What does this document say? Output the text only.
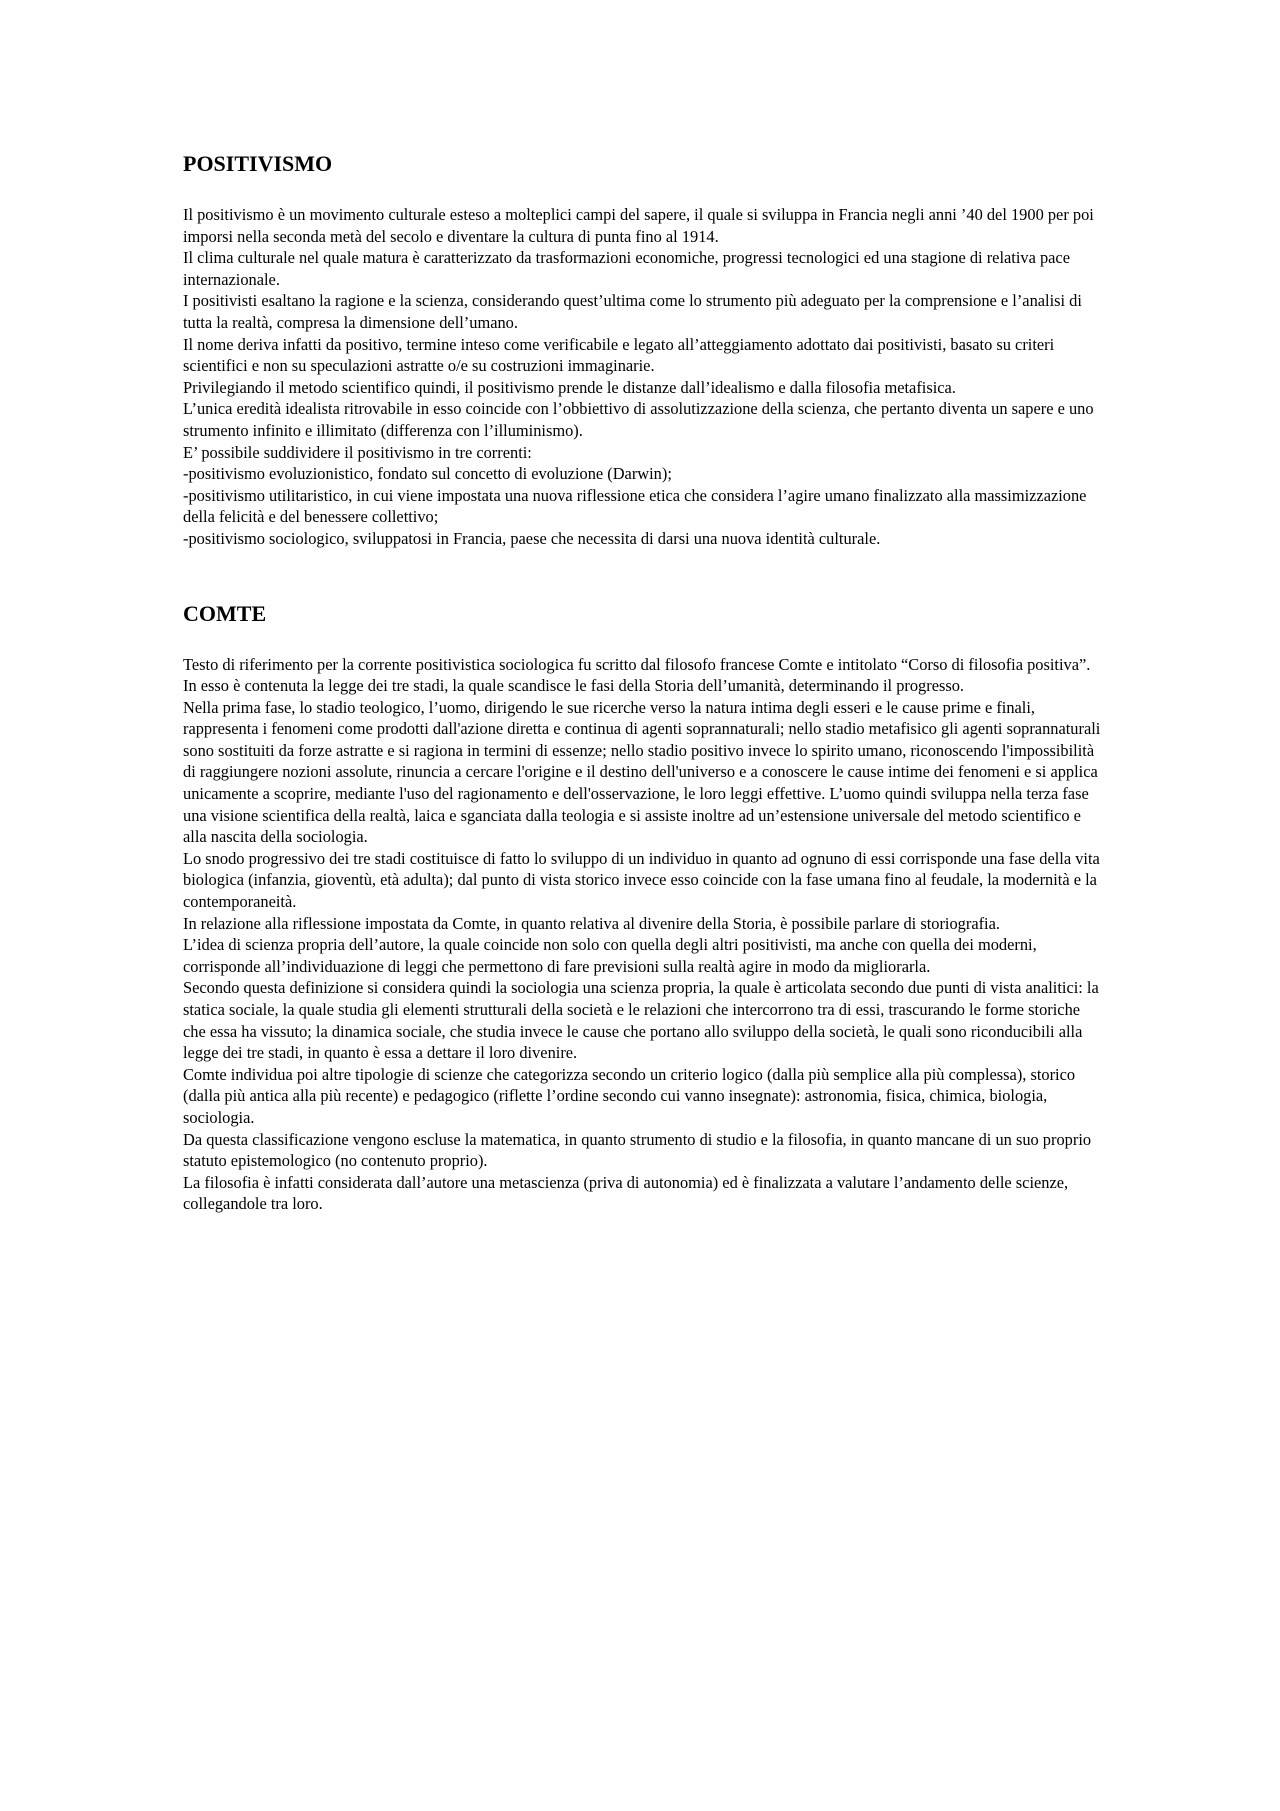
POSITIVISMO

Il positivismo è un movimento culturale esteso a molteplici campi del sapere, il quale si sviluppa in Francia negli anni ’40 del 1900 per poi imporsi nella seconda metà del secolo e diventare la cultura di punta fino al 1914.

Il clima culturale nel quale matura è caratterizzato da trasformazioni economiche, progressi tecnologici ed una stagione di relativa pace internazionale.

I positivisti esaltano la ragione e la scienza, considerando quest’ultima come lo strumento più adeguato per la comprensione e l’analisi di tutta la realtà, compresa la dimensione dell’umano.

Il nome deriva infatti da positivo, termine inteso come verificabile e legato all’atteggiamento adottato dai positivisti, basato su criteri scientifici e non su speculazioni astratte o/e su costruzioni immaginarie.

Privilegiando il metodo scientifico quindi, il positivismo prende le distanze dall’idealismo e dalla filosofia metafisica.

L’unica eredità idealista ritrovabile in esso coincide con l’obbiettivo di assolutizzazione della scienza, che pertanto diventa un sapere e uno strumento infinito e illimitato (differenza con l’illuminismo).

E’ possibile suddividere il positivismo in tre correnti:

-positivismo evoluzionistico, fondato sul concetto di evoluzione (Darwin);

-positivismo utilitaristico, in cui viene impostata una nuova riflessione etica che considera l’agire umano finalizzato alla massimizzazione della felicità e del benessere collettivo;

-positivismo sociologico, sviluppatosi in Francia, paese che necessita di darsi una nuova identità culturale.

COMTE

Testo di riferimento per la corrente positivistica sociologica fu scritto dal filosofo francese Comte e intitolato “Corso di filosofia positiva”.

In esso è contenuta la legge dei tre stadi, la quale scandisce le fasi della Storia dell’umanità, determinando il progresso.

Nella prima fase, lo stadio teologico, l’uomo, dirigendo le sue ricerche verso la natura intima degli esseri e le cause prime e finali, rappresenta i fenomeni come prodotti dall'azione diretta e continua di agenti soprannaturali; nello stadio metafisico gli agenti soprannaturali sono sostituiti da forze astratte e si ragiona in termini di essenze; nello stadio positivo invece lo spirito umano, riconoscendo l'impossibilità di raggiungere nozioni assolute, rinuncia a cercare l'origine e il destino dell'universo e a conoscere le cause intime dei fenomeni e si applica unicamente a scoprire, mediante l'uso del ragionamento e dell'osservazione, le loro leggi effettive. L’uomo quindi sviluppa nella terza fase una visione scientifica della realtà, laica e sganciata dalla teologia e si assiste inoltre ad un’estensione universale del metodo scientifico e alla nascita della sociologia.

Lo snodo progressivo dei tre stadi costituisce di fatto lo sviluppo di un individuo in quanto ad ognuno di essi corrisponde una fase della vita biologica (infanzia, gioventù, età adulta); dal punto di vista storico invece esso coincide con la fase umana fino al feudale, la modernità e la contemporaneità.

In relazione alla riflessione impostata da Comte, in quanto relativa al divenire della Storia, è possibile parlare di storiografia.

L’idea di scienza propria dell’autore, la quale coincide non solo con quella degli altri positivisti, ma anche con quella dei moderni, corrisponde all’individuazione di leggi che permettono di fare previsioni sulla realtà agire in modo da migliorarla.

Secondo questa definizione si considera quindi la sociologia una scienza propria, la quale è articolata secondo due punti di vista analitici: la statica sociale, la quale studia gli elementi strutturali della società e le relazioni che intercorrono tra di essi, trascurando le forme storiche che essa ha vissuto; la dinamica sociale, che studia invece le cause che portano allo sviluppo della società, le quali sono riconducibili alla legge dei tre stadi, in quanto è essa a dettare il loro divenire.

Comte individua poi altre tipologie di scienze che categorizza secondo un criterio logico (dalla più semplice alla più complessa), storico (dalla più antica alla più recente) e pedagogico (riflette l’ordine secondo cui vanno insegnate): astronomia, fisica, chimica, biologia, sociologia.

Da questa classificazione vengono escluse la matematica, in quanto strumento di studio e la filosofia, in quanto mancane di un suo proprio statuto epistemologico (no contenuto proprio).

La filosofia è infatti considerata dall’autore una metascienza (priva di autonomia) ed è finalizzata a valutare l’andamento delle scienze, collegandole tra loro.
